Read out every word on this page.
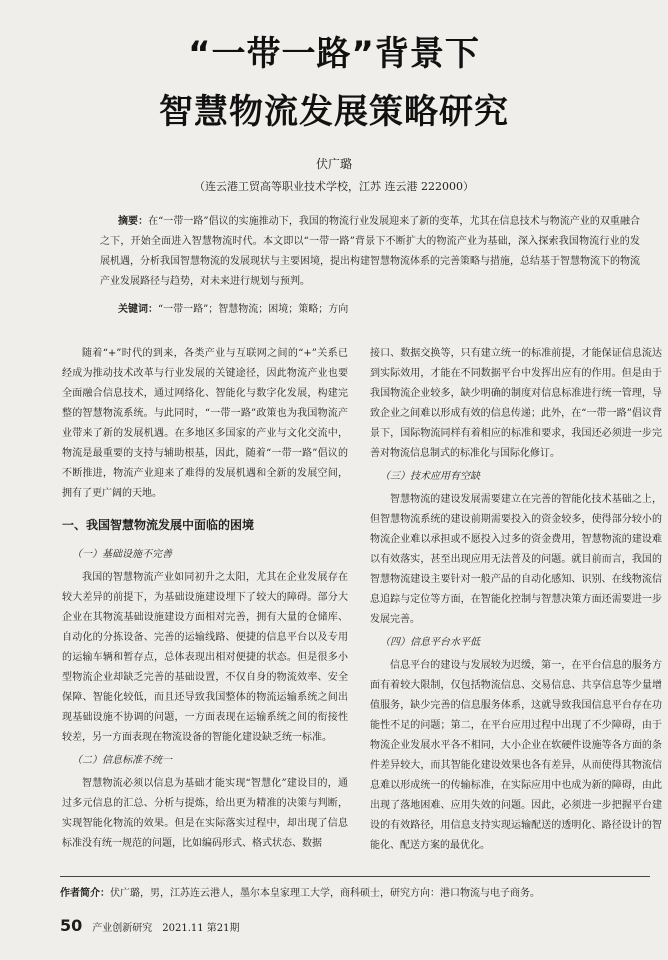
“一带一路”背景下
智慧物流发展策略研究
伏广璐
（连云港工贸高等职业技术学校，江苏 连云港 222000）
摘要：在“一带一路”倡议的实施推动下，我国的物流行业发展迎来了新的变革，尤其在信息技术与物流产业的双重融合之下，开始全面进入智慧物流时代。本文即以“一带一路”背景下不断扩大的物流产业为基础，深入探索我国物流行业的发展机遇，分析我国智慧物流的发展现状与主要困境，提出构建智慧物流体系的完善策略与措施，总结基于智慧物流下的物流产业发展路径与趋势，对未来进行规划与预判。
关键词：“一带一路”；智慧物流；困境；策略；方向

随着“+”时代的到来，各类产业与互联网之间的“+”关系已经成为推动技术改革与行业发展的关键途径，因此物流产业也要全面融合信息技术，通过网络化、智能化与数字化发展，构建完整的智慧物流系统。与此同时，“一带一路”政策也为我国物流产业带来了新的发展机遇。在多地区多国家的产业与文化交流中，物流是最重要的支持与辅助根基，因此，随着“一带一路”倡议的不断推进，物流产业迎来了难得的发展机遇和全新的发展空间，拥有了更广阔的天地。

一、我国智慧物流发展中面临的困境
（一）基础设施不完善

我国的智慧物流产业如同初升之太阳，尤其在企业发展存在较大差异的前提下，为基础设施建设埋下了较大的障碍。部分大企业在其物流基础设施建设方面相对完善，拥有大量的仓储库、自动化的分拣设备、完善的运输线路、便捷的信息平台以及专用的运输车辆和暂存点，总体表现出相对便捷的状态。但是很多小型物流企业却缺乏完善的基础设置，不仅自身的物流效率、安全保障、智能化较低，而且还导致我国整体的物流运输系统之间出现基础设施不协调的问题，一方面表现在运输系统之间的衔接性较差，另一方面表现在物流设备的智能化建设缺乏统一标准。

（二）信息标准不统一

智慧物流必须以信息为基础才能实现“智慧化”建设目的，通过多元信息的汇总、分析与提炼，给出更为精准的决策与判断，实现智能化物流的效果。但是在实际落实过程中，却出现了信息标准没有统一规范的问题，比如编码形式、格式状态、数据

接口、数据交换等，只有建立统一的标准前提，才能保证信息流达到实际效用，才能在不同数据平台中发挥出应有的作用。但是由于我国物流企业较多，缺少明确的制度对信息标准进行统一管理，导致企业之间难以形成有效的信息传递；此外，在“一带一路”倡议背景下，国际物流同样有着相应的标准和要求，我国还必须进一步完善对物流信息制式的标准化与国际化修订。

（三）技术应用有空缺

智慧物流的建设发展需要建立在完善的智能化技术基础之上，但智慧物流系统的建设前期需要投入的资金较多，使得部分较小的物流企业难以承担或不愿投入过多的资金费用，智慧物流的建设难以有效落实，甚至出现应用无法普及的问题。就目前而言，我国的智慧物流建设主要针对一般产品的自动化感知、识别、在线物流信息追踪与定位等方面，在智能化控制与智慧决策方面还需要进一步发展完善。

（四）信息平台水平低

信息平台的建设与发展较为迟缓，第一，在平台信息的服务方面有着较大限制，仅包括物流信息、交易信息、共享信息等少量增值服务，缺少完善的信息服务体系，这就导致我国信息平台存在功能性不足的问题；第二，在平台应用过程中出现了不少障碍，由于物流企业发展水平各不相同，大小企业在软硬件设施等各方面的条件差异较大，而其智能化建设效果也各有差异，从而使得其物流信息难以形成统一的传输标准，在实际应用中也成为新的障碍，由此出现了落地困难、应用失效的问题。因此，必须进一步把握平台建设的有效路径，用信息支持实现运输配送的透明化、路径设计的智能化、配送方案的最优化。

作者简介：伏广璐，男，江苏连云港人，墨尔本皇家理工大学，商科硕士，研究方向：港口物流与电子商务。
50 产业创新研究 2021.11 第21期
